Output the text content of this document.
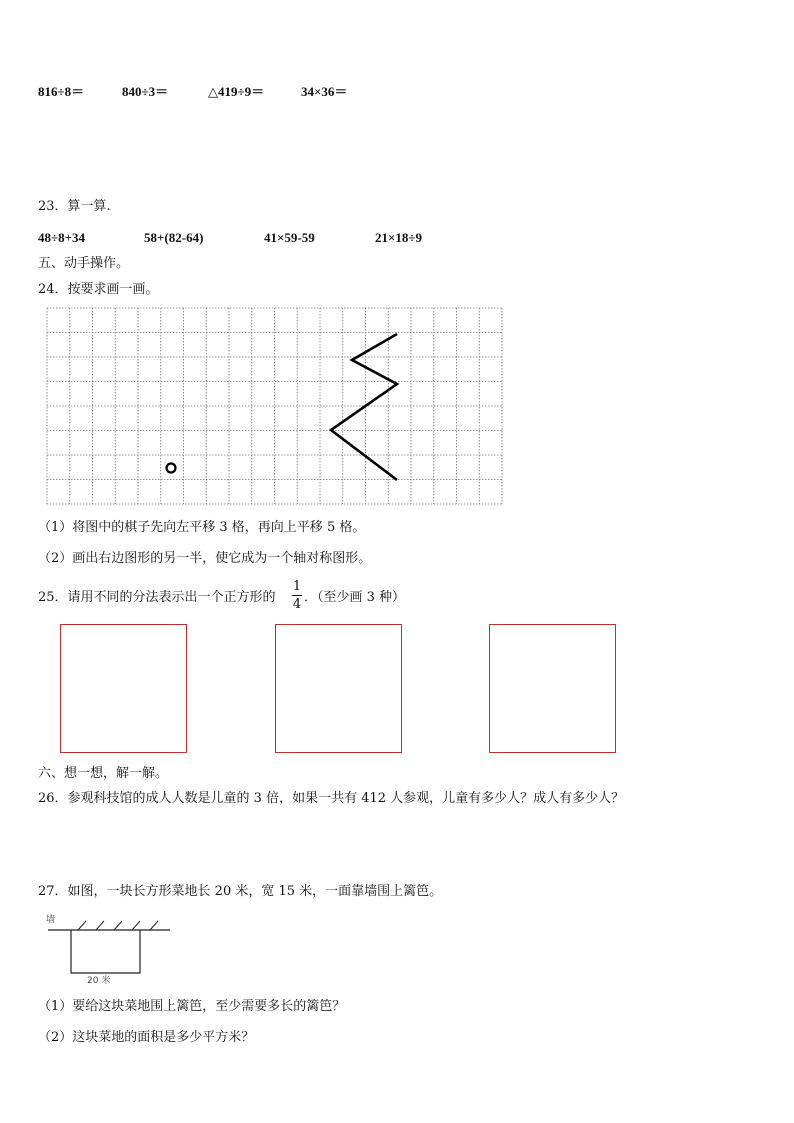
816÷8＝	840÷3＝	△419÷9＝	34×36＝
23．算一算.
48÷8+34	58+(82-64)	41×59-59	21×18÷9
五、动手操作。
24．按要求画一画。
（1）将图中的棋子先向左平移 3 格，再向上平移 5 格。
（2）画出右边图形的另一半，使它成为一个轴对称图形。
25．请用不同的分法表示出一个正方形的
1
4 ．（至少画 3 种）
六、想一想，解一解。
26．参观科技馆的成人人数是儿童的 3 倍，如果一共有 412 人参观，儿童有多少人？成人有多少人？
27．如图，一块长方形菜地长 20 米，宽 15 米，一面靠墙围上篱笆。
墙
20 米
（1）要给这块菜地围上篱笆，至少需要多长的篱笆？
（2）这块菜地的面积是多少平方米？
